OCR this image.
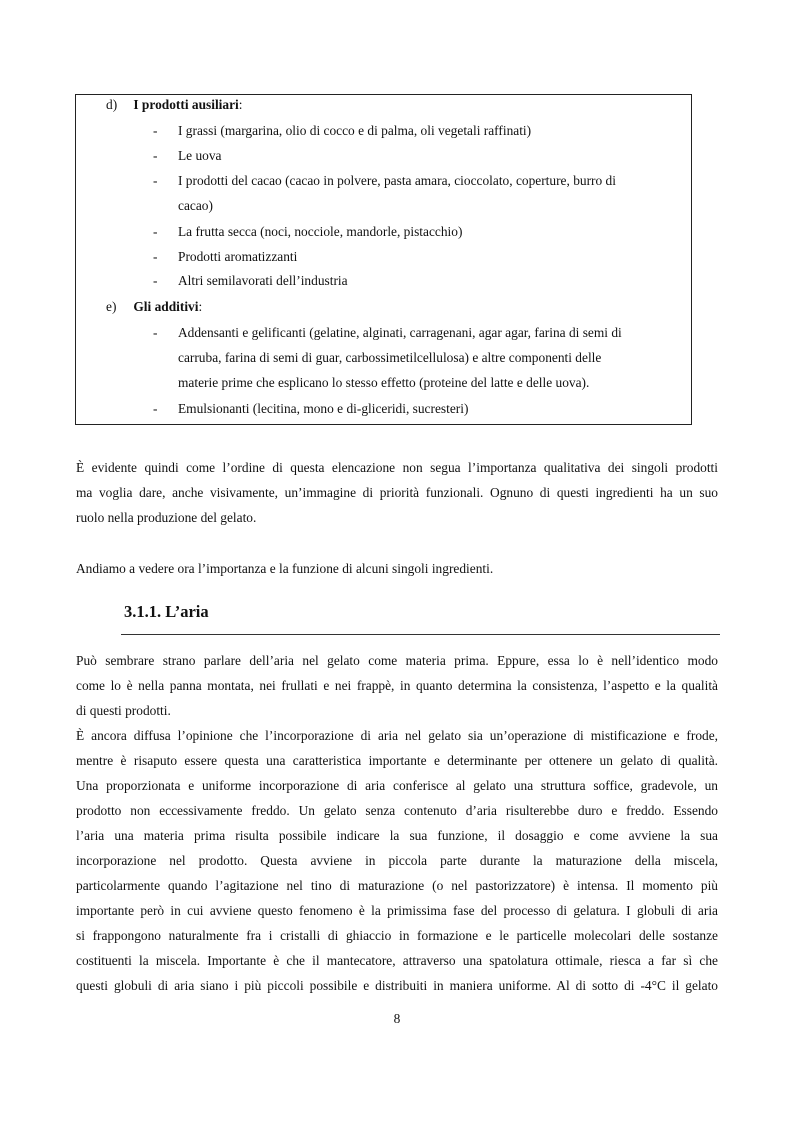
d) I prodotti ausiliari:
- I grassi (margarina, olio di cocco e di palma, oli vegetali raffinati)
- Le uova
- I prodotti del cacao (cacao in polvere, pasta amara, cioccolato, coperture, burro di
cacao)
- La frutta secca (noci, nocciole, mandorle, pistacchio)
- Prodotti aromatizzanti
- Altri semilavorati dell’industria
e) Gli additivi:
- Addensanti e gelificanti (gelatine, alginati, carragenani, agar agar, farina di semi di
carruba, farina di semi di guar, carbossimetilcellulosa) e altre componenti delle
materie prime che esplicano lo stesso effetto (proteine del latte e delle uova).
- Emulsionanti (lecitina, mono e di-gliceridi, sucresteri)
È evidente quindi come l’ordine di questa elencazione non segua l’importanza qualitativa dei singoli prodotti
ma voglia dare, anche visivamente, un’immagine di priorità funzionali. Ognuno di questi ingredienti ha un suo
ruolo nella produzione del gelato.
Andiamo a vedere ora l’importanza e la funzione di alcuni singoli ingredienti.
3.1.1. L’aria
Può sembrare strano parlare dell’aria nel gelato come materia prima. Eppure, essa lo è nell’identico modo
come lo è nella panna montata, nei frullati e nei frappè, in quanto determina la consistenza, l’aspetto e la qualità
di questi prodotti.
È ancora diffusa l’opinione che l’incorporazione di aria nel gelato sia un’operazione di mistificazione e frode,
mentre è risaputo essere questa una caratteristica importante e determinante per ottenere un gelato di qualità.
Una proporzionata e uniforme incorporazione di aria conferisce al gelato una struttura soffice, gradevole, un
prodotto non eccessivamente freddo. Un gelato senza contenuto d’aria risulterebbe duro e freddo. Essendo
l’aria una materia prima risulta possibile indicare la sua funzione, il dosaggio e come avviene la sua
incorporazione nel prodotto. Questa avviene in piccola parte durante la maturazione della miscela,
particolarmente quando l’agitazione nel tino di maturazione (o nel pastorizzatore) è intensa. Il momento più
importante però in cui avviene questo fenomeno è la primissima fase del processo di gelatura. I globuli di aria
si frappongono naturalmente fra i cristalli di ghiaccio in formazione e le particelle molecolari delle sostanze
costituenti la miscela. Importante è che il mantecatore, attraverso una spatolatura ottimale, riesca a far sì che
questi globuli di aria siano i più piccoli possibile e distribuiti in maniera uniforme. Al di sotto di -4°C il gelato
8
